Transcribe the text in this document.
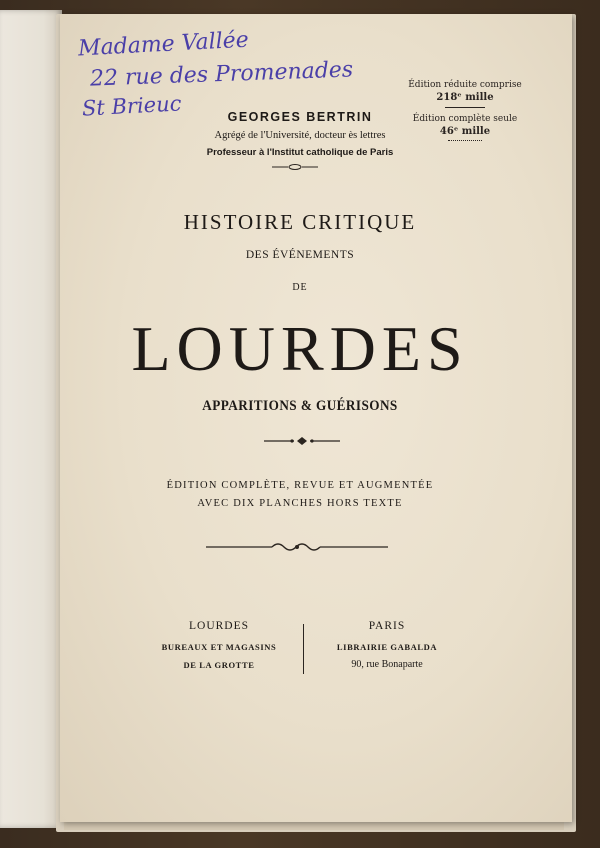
Madame Vallée
22 rue des Promenades
St Brieuc
Édition réduite comprise
218ᵉ mille
Édition complète seule
46ᵉ mille
GEORGES BERTRIN
Agrégé de l'Université, docteur ès lettres
Professeur à l'Institut catholique de Paris
HISTOIRE CRITIQUE
DES ÉVÉNEMENTS
DE
LOURDES
APPARITIONS & GUÉRISONS
ÉDITION COMPLÈTE, REVUE ET AUGMENTÉE
AVEC DIX PLANCHES HORS TEXTE
LOURDES
BUREAUX ET MAGASINS
DE LA GROTTE
PARIS
LIBRAIRIE GABALDA
90, rue Bonaparte
